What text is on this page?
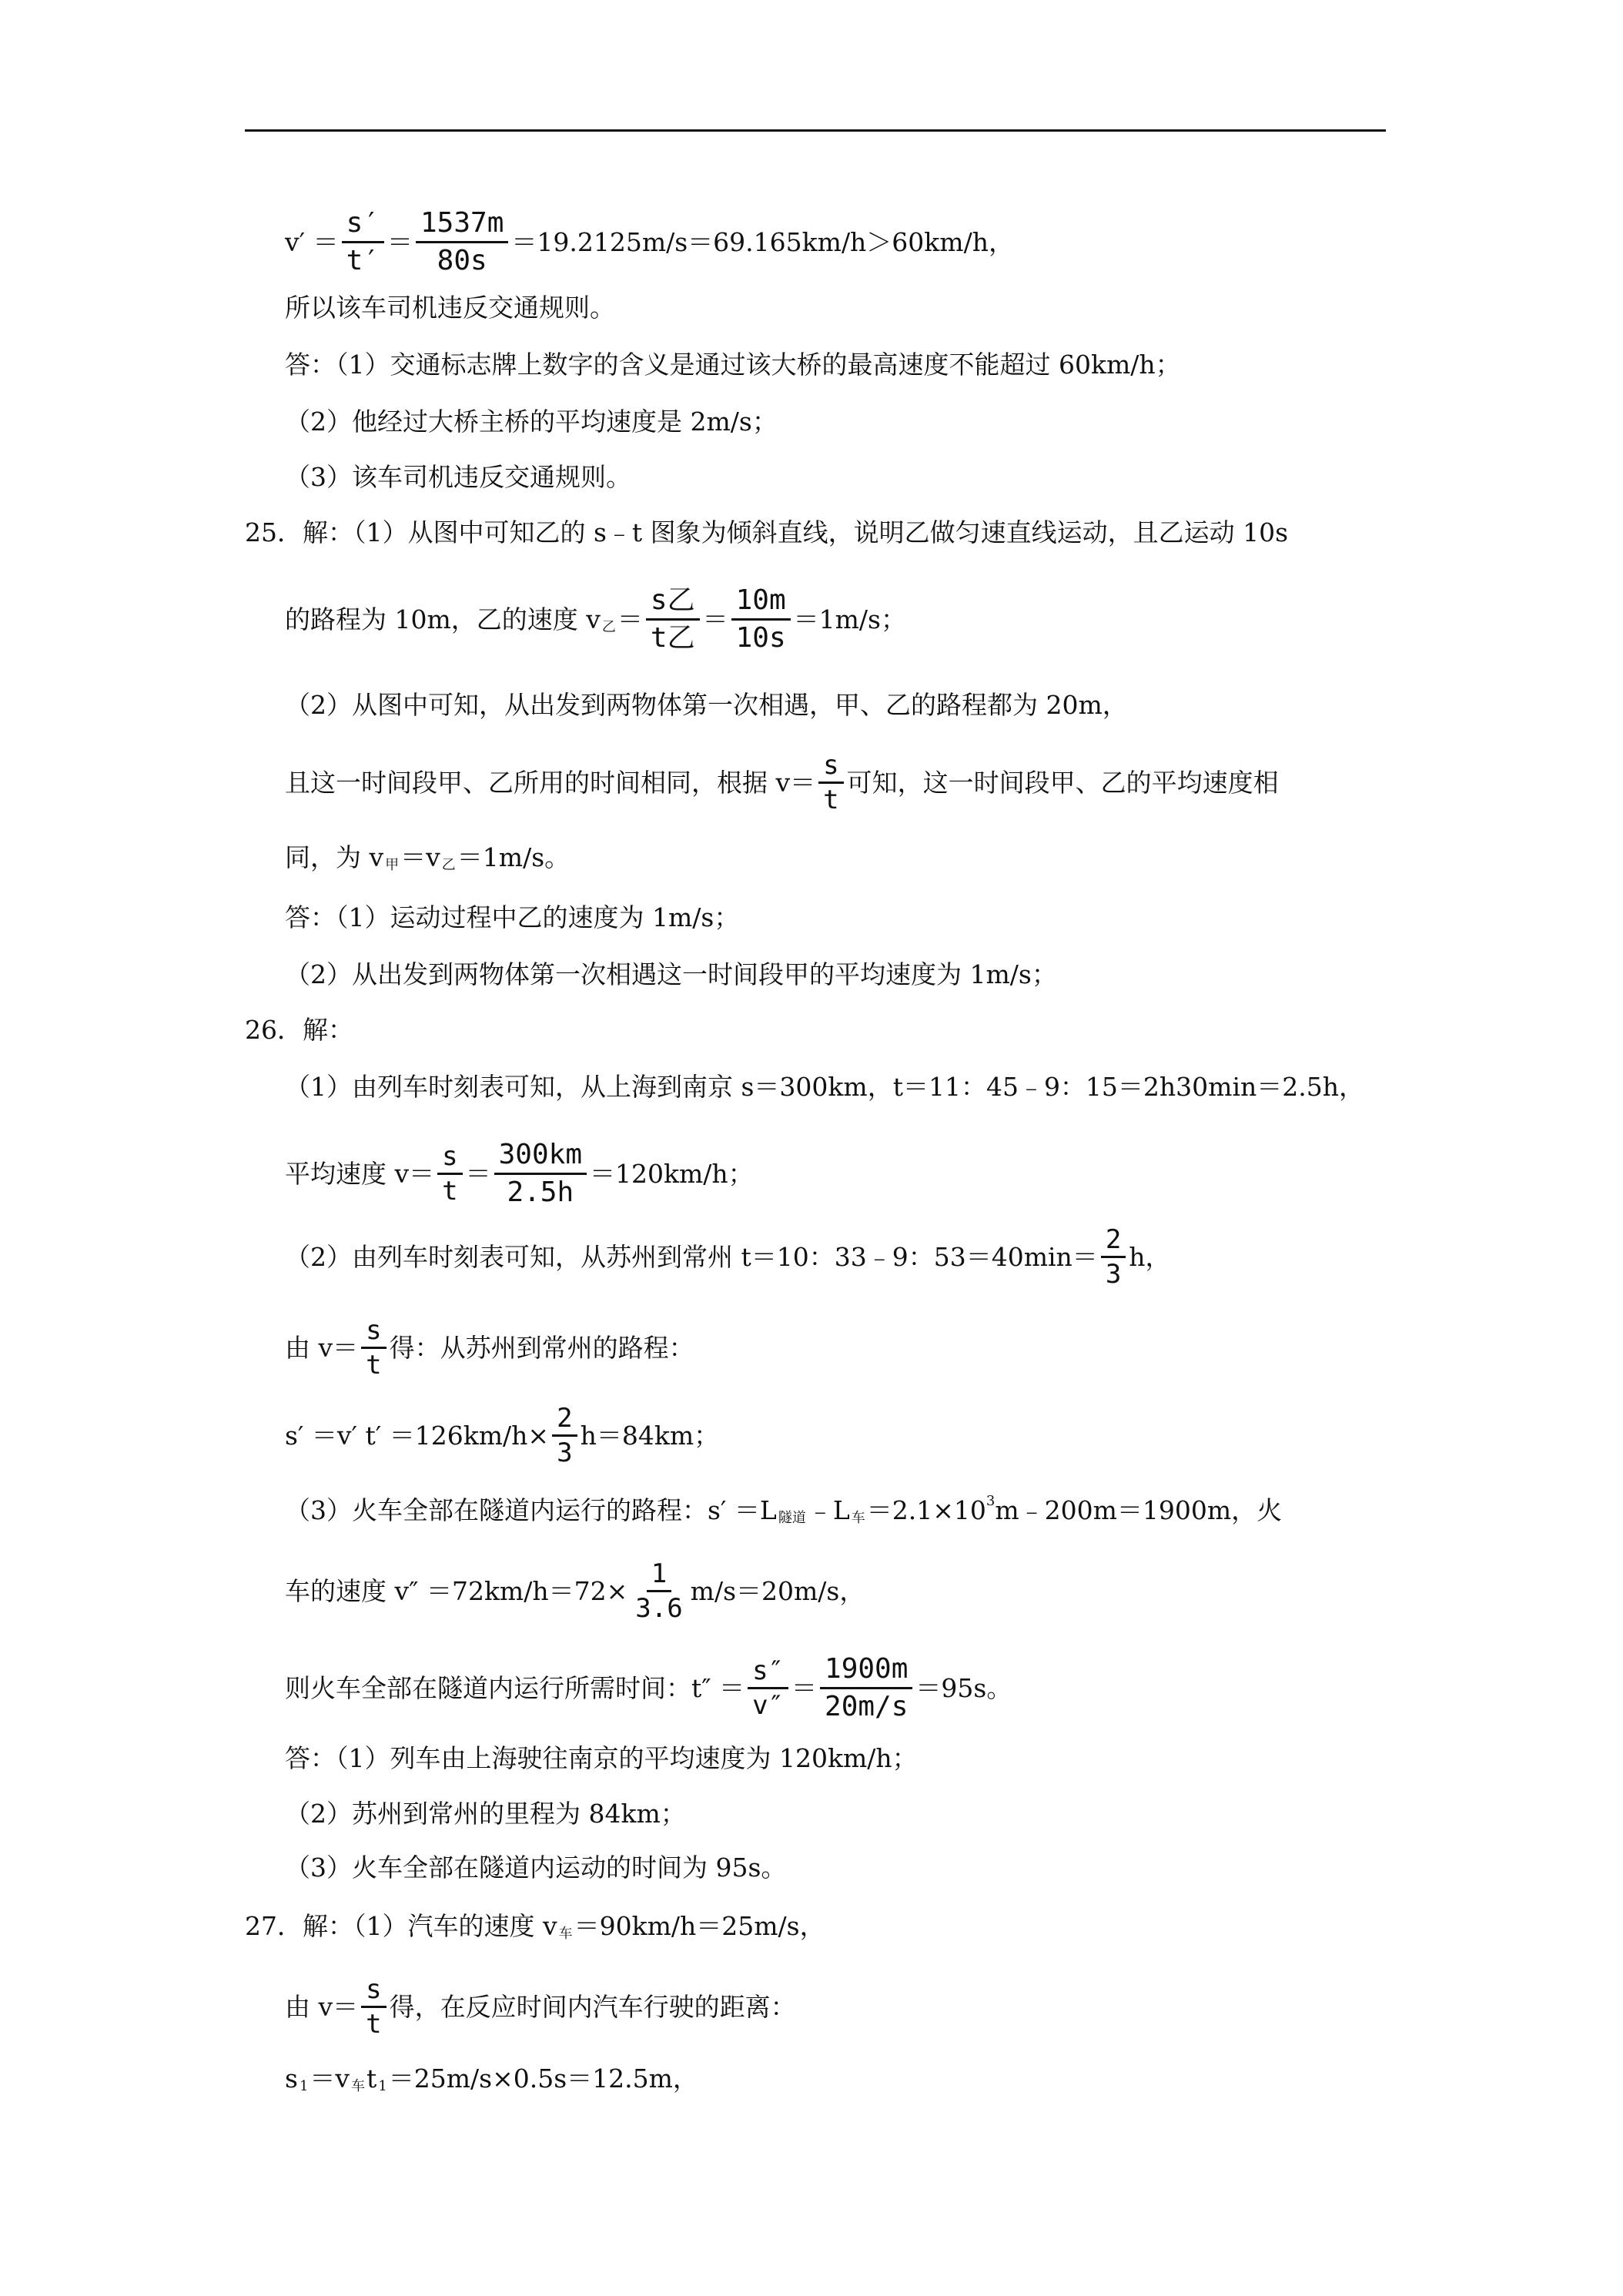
$v' = \frac{s'}{t'} = \frac{1537m}{80s} =19.2125m/s=69.165km/h>60km/h$，
所以该车司机违反交通规则。
答：（1）交通标志牌上数字的含义是通过该大桥的最高速度不能超过 60km/h；
（2）他经过大桥主桥的平均速度是 2m/s；
（3）该车司机违反交通规则。
25．解：（1）从图中可知乙的 s﹣t 图象为倾斜直线，说明乙做匀速直线运动，且乙运动 10s
的路程为 10m，乙的速度 v 乙 ＝ $\frac{\text{s乙}}{\text{t乙}} = \frac{10m}{10s} =1m/s$；
（2）从图中可知，从出发到两物体第一次相遇，甲、乙的路程都为 20m，
且这一时间段甲、乙所用的时间相同，根据 $v= \frac{s}{t}$ 可知，这一时间段甲、乙的平均速度相
同，为 v 甲 ＝v 乙 ＝1m/s。
答：（1）运动过程中乙的速度为 1m/s；
（2）从出发到两物体第一次相遇这一时间段甲的平均速度为 1m/s；
26．解：
（1）由列车时刻表可知，从上海到南京 s＝300km，t＝11：45﹣9：15＝2h30min＝2.5h，
平均速度 $v= \frac{s}{t} = \frac{300km}{2.5h} =120km/h$；
（2）由列车时刻表可知，从苏州到常州 t＝10：33﹣9：$53=40\min= \frac{2}{3}$ h，
由 $v= \frac{s}{t}$ 得：从苏州到常州的路程：
s′ ＝v′ $t' =126km/h\times \frac{2}{3} h=84km$；
（3）火车全部在隧道内运行的路程：s′ ＝L 隧道 ﹣L 车 ＝2.1×10 3 m﹣200m＝1900m，火
车的速度 $v'' =72km/h=72\times \frac{1}{3.6} m/s=20m/s$，
则火车全部在隧道内运行所需时间：$t'' = \frac{s''}{v''} = \frac{1900m}{20m/s} =95s$。
答：（1）列车由上海驶往南京的平均速度为 120km/h；
（2）苏州到常州的里程为 84km；
（3）火车全部在隧道内运动的时间为 95s。
27．解：（1）汽车的速度 v 车 ＝90km/h＝25m/s，
由 $v= \frac{s}{t}$ 得，在反应时间内汽车行驶的距离：
s 1 ＝v 车 t 1 ＝25m/s×0.5s＝12.5m，
